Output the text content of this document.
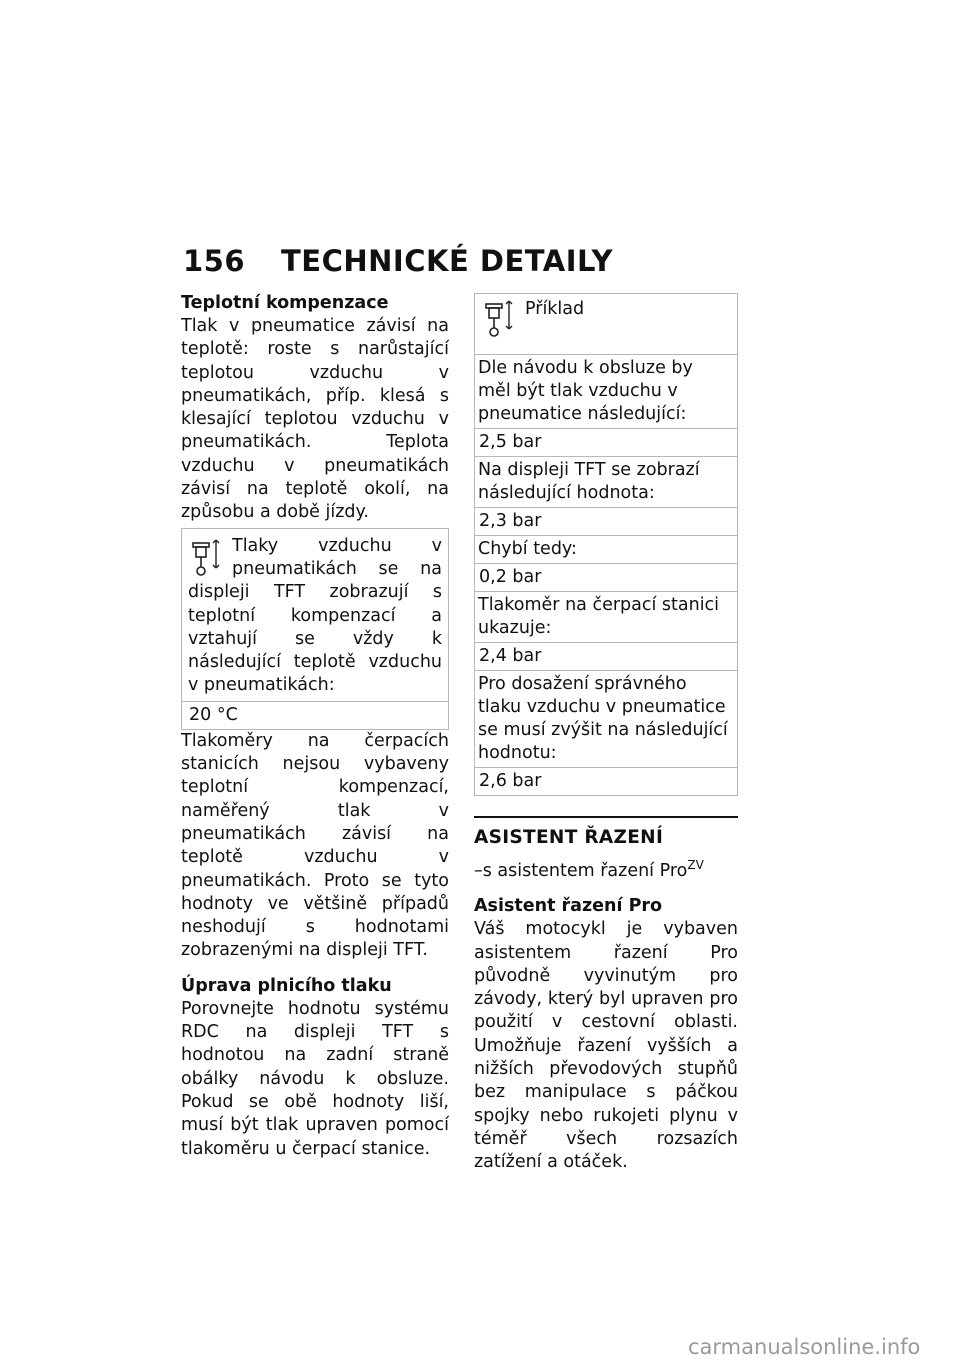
156 TECHNICKÉ DETAILY
Teplotní kompenzace

Tlak v pneumatice závisí na teplotě: roste s narůstající teplotou vzduchu v pneumatikách, příp. klesá s klesající teplotou vzduchu v pneumatikách. Teplota vzduchu v pneumatikách závisí na teplotě okolí, na způsobu a době jízdy.

Tlaky vzduchu v pneumatikách se na displeji TFT zobrazují s teplotní kompenzací a vztahují se vždy k následující teplotě vzduchu v pneumatikách:
20 °C

Tlakoměry na čerpacích stanicích nejsou vybaveny teplotní kompenzací, naměřený tlak v pneumatikách závisí na teplotě vzduchu v pneumatikách. Proto se tyto hodnoty ve většině případů neshodují s hodnotami zobrazenými na displeji TFT.

Úprava plnicího tlaku

Porovnejte hodnotu systému RDC na displeji TFT s hodnotou na zadní straně obálky návodu k obsluze. Pokud se obě hodnoty liší, musí být tlak upraven pomocí tlakoměru u čerpací stanice.

Příklad
Dle návodu k obsluze by měl být tlak vzduchu v pneumatice následující:
2,5 bar
Na displeji TFT se zobrazí následující hodnota:
2,3 bar
Chybí tedy:
0,2 bar
Tlakoměr na čerpací stanici ukazuje:
2,4 bar
Pro dosažení správného tlaku vzduchu v pneumatice se musí zvýšit na následující hodnotu:
2,6 bar
ASISTENT ŘAZENÍ
–s asistentem řazení Pro$^{ZV}$
Asistent řazení Pro

Váš motocykl je vybaven asistentem řazení Pro původně vyvinutým pro závody, který byl upraven pro použití v cestovní oblasti. Umožňuje řazení vyšších a nižších převodových stupňů bez manipulace s páčkou spojky nebo rukojeti plynu v téměř všech rozsazích zatížení a otáček.

carmanualsonline.info
